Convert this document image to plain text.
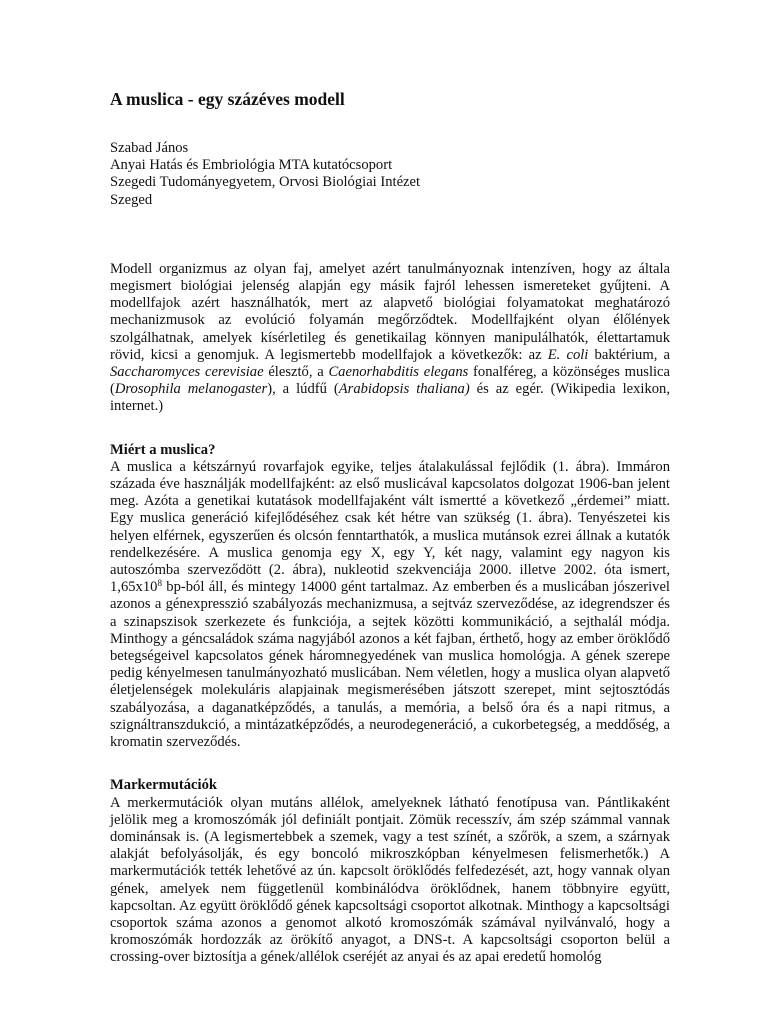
A muslica - egy százéves modell
Szabad János
Anyai Hatás és Embriológia MTA kutatócsoport
Szegedi Tudományegyetem, Orvosi Biológiai Intézet
Szeged

Modell organizmus az olyan faj, amelyet azért tanulmányoznak intenzíven, hogy az általa megismert biológiai jelenség alapján egy másik fajról lehessen ismereteket gyűjteni. A modellfajok azért használhatók, mert az alapvető biológiai folyamatokat meghatározó mechanizmusok az evolúció folyamán megőrződtek. Modellfajként olyan élőlények szolgálhatnak, amelyek kísérletileg és genetikailag könnyen manipulálhatók, élettartamuk rövid, kicsi a genomjuk. A legismertebb modellfajok a következők: az E. coli baktérium, a Saccharomyces cerevisiae élesztő, a Caenorhabditis elegans fonalféreg, a közönséges muslica (Drosophila melanogaster), a lúdfű (Arabidopsis thaliana) és az egér. (Wikipedia lexikon, internet.)

Miért a muslica?

A muslica a kétszárnyú rovarfajok egyike, teljes átalakulással fejlődik (1. ábra). Immáron százada éve használják modellfajként: az első muslicával kapcsolatos dolgozat 1906-ban jelent meg. Azóta a genetikai kutatások modellfajaként vált ismertté a következő „érdemei” miatt. Egy muslica generáció kifejlődéséhez csak két hétre van szükség (1. ábra). Tenyészetei kis helyen elférnek, egyszerűen és olcsón fenntarthatók, a muslica mutánsok ezrei állnak a kutatók rendelkezésére. A muslica genomja egy X, egy Y, két nagy, valamint egy nagyon kis autoszómba szerveződött (2. ábra), nukleotid szekvenciája 2000. illetve 2002. óta ismert, $1,65x10^8$ bp-ból áll, és mintegy 14000 gént tartalmaz. Az emberben és a muslicában jószerivel azonos a génexpresszió szabályozás mechanizmusa, a sejtváz szerveződése, az idegrendszer és a szinapszisok szerkezete és funkciója, a sejtek közötti kommunikáció, a sejthalál módja. Minthogy a géncsaládok száma nagyjából azonos a két fajban, érthető, hogy az ember öröklődő betegségeivel kapcsolatos gének háromnegyedének van muslica homológja. A gének szerepe pedig kényelmesen tanulmányozható muslicában. Nem véletlen, hogy a muslica olyan alapvető életjelenségek molekuláris alapjainak megismerésében játszott szerepet, mint sejtosztódás szabályozása, a daganatképződés, a tanulás, a memória, a belső óra és a napi ritmus, a szignáltranszdukció, a mintázatképződés, a neurodegeneráció, a cukorbetegség, a meddőség, a kromatin szerveződés.

Markermutációk

A merkermutációk olyan mutáns allélok, amelyeknek látható fenotípusa van. Pántlikaként jelölik meg a kromoszómák jól definiált pontjait. Zömük recesszív, ám szép számmal vannak dominánsak is. (A legismertebbek a szemek, vagy a test színét, a szőrök, a szem, a szárnyak alakját befolyásolják, és egy boncoló mikroszkópban kényelmesen felismerhetők.) A markermutációk tették lehetővé az ún. kapcsolt öröklődés felfedezését, azt, hogy vannak olyan gének, amelyek nem függetlenül kombinálódva öröklődnek, hanem többnyire együtt, kapcsoltan. Az együtt öröklődő gének kapcsoltsági csoportot alkotnak. Minthogy a kapcsoltsági csoportok száma azonos a genomot alkotó kromoszómák számával nyilvánvaló, hogy a kromoszómák hordozzák az örökítő anyagot, a DNS-t. A kapcsoltsági csoporton belül a crossing-over biztosítja a gének/allélok cseréjét az anyai és az apai eredetű homológ
